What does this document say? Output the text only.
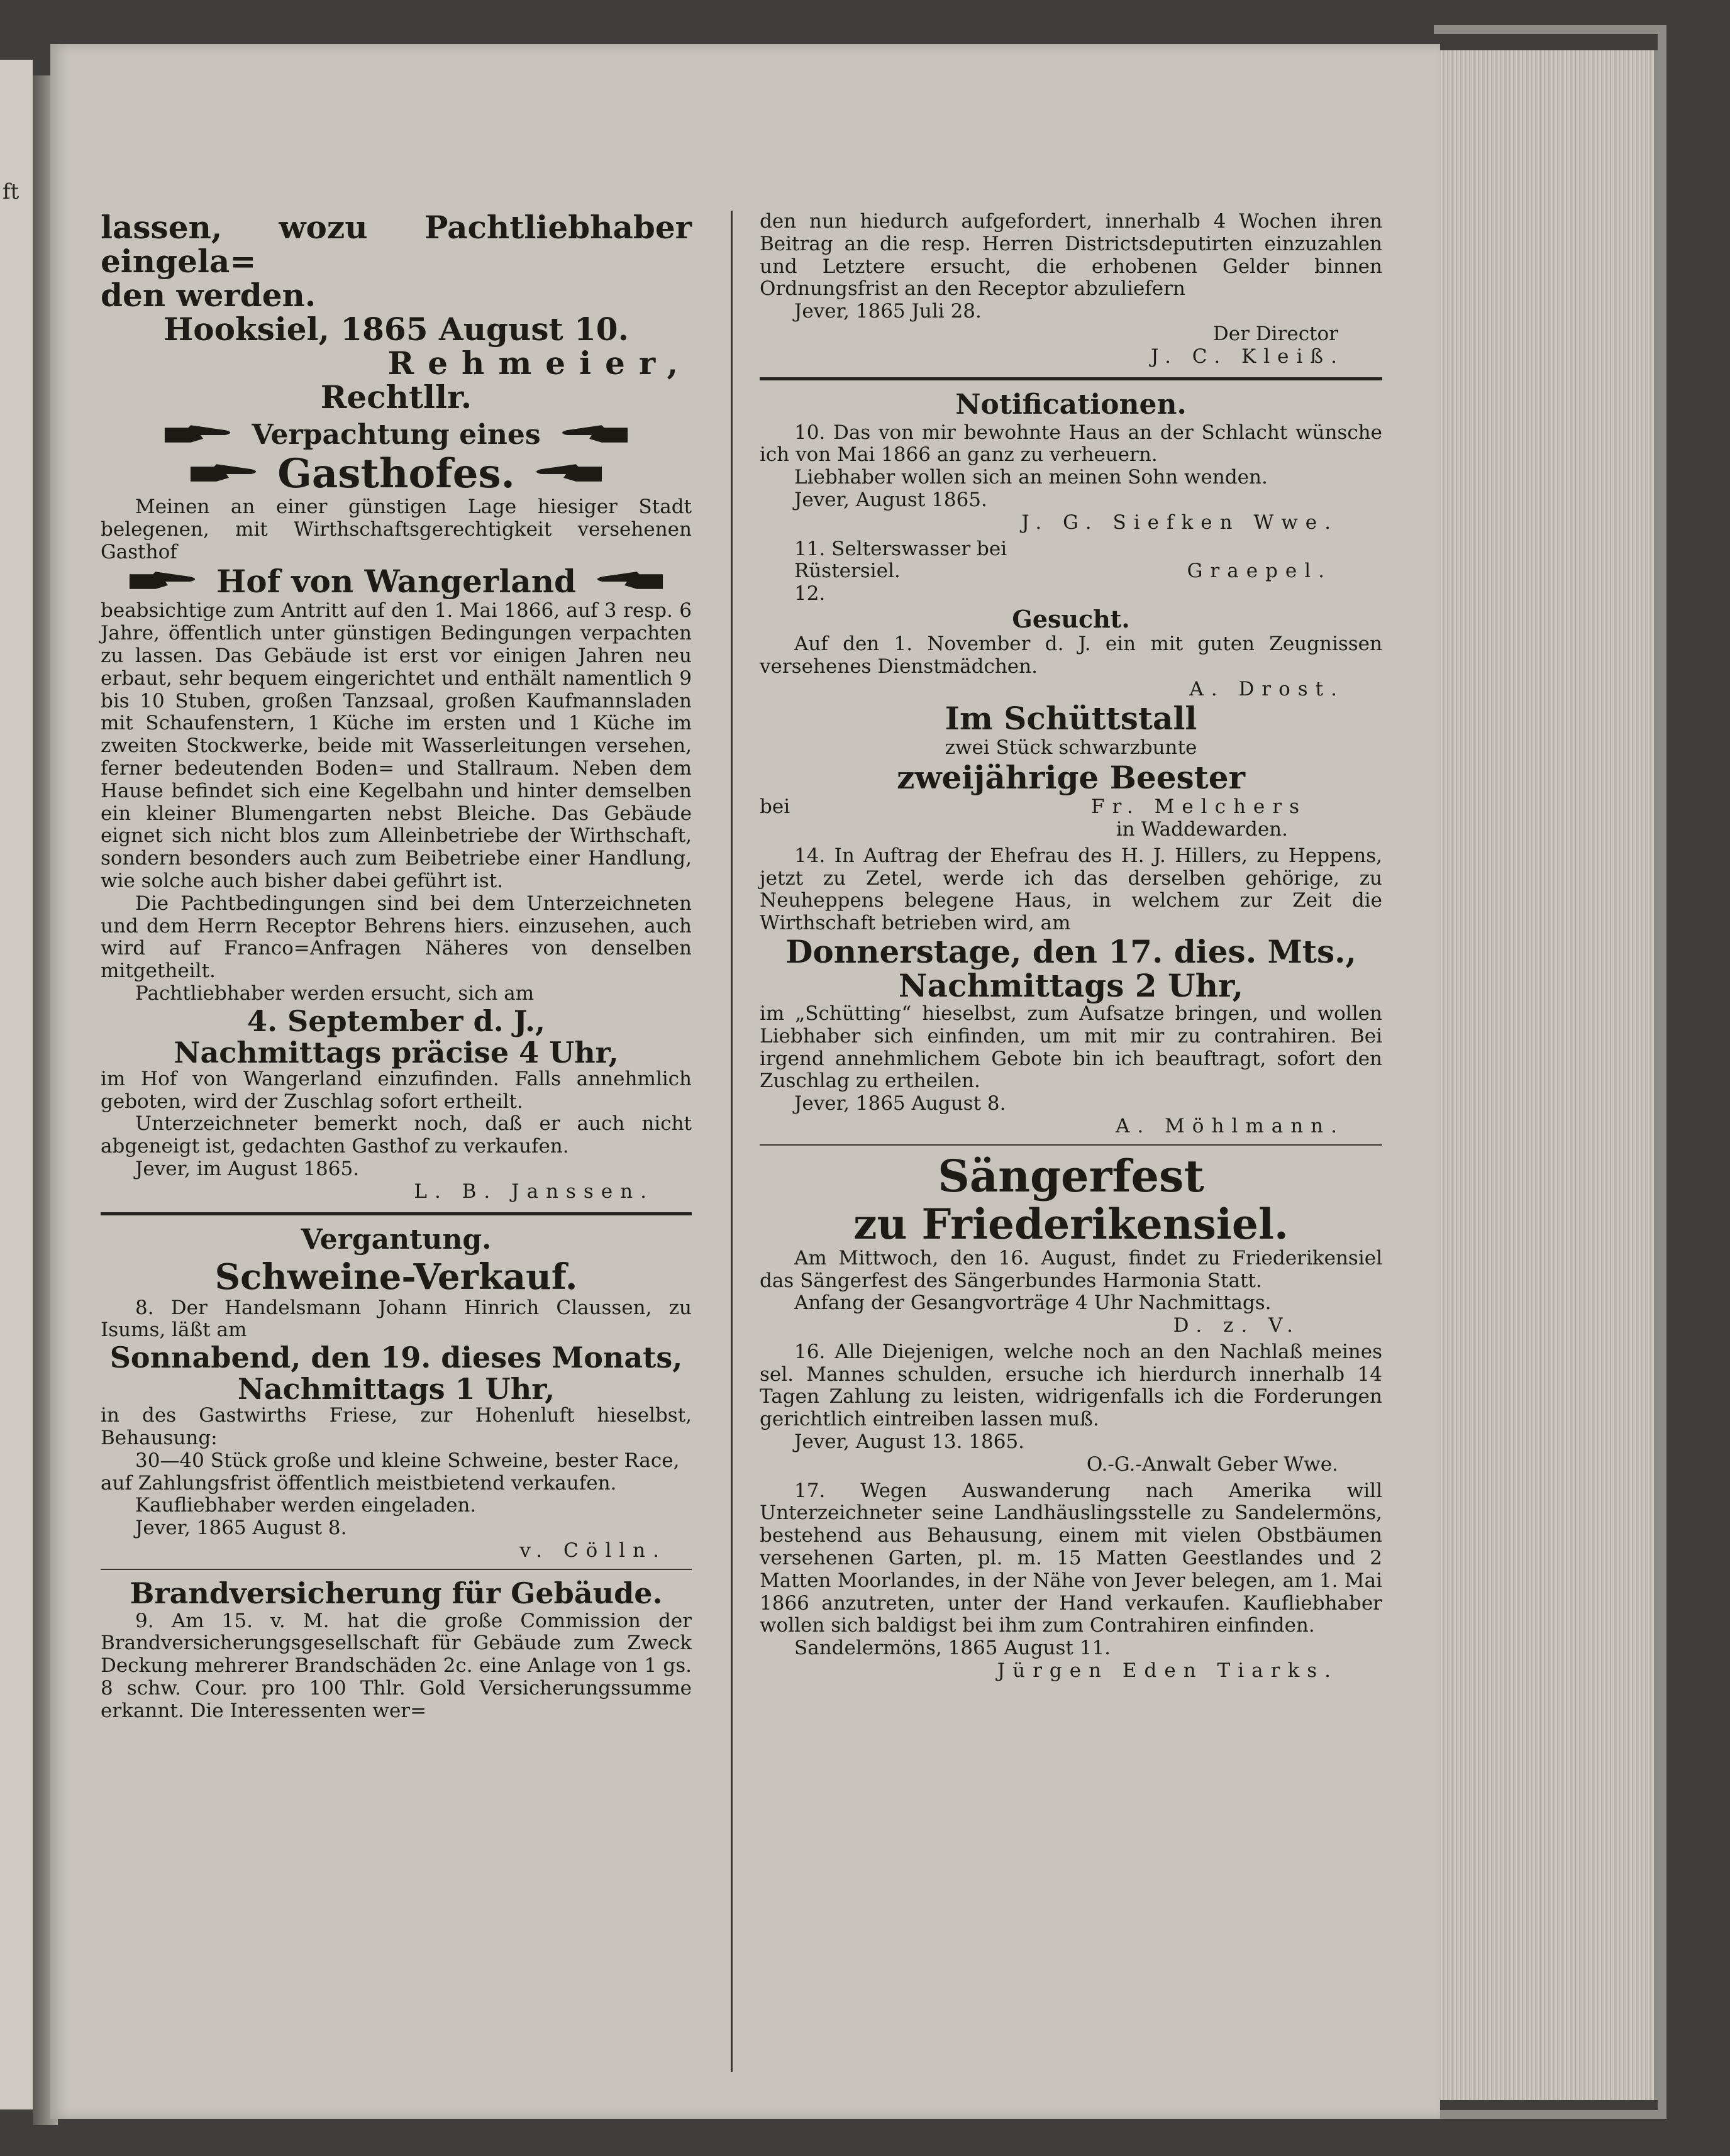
ft

lassen, wozu Pachtliebhaber eingela=

den werden.

Hooksiel, 1865 August 10.

Rehmeier,

Rechtllr.

Verpachtung eines
Gasthofes.

Meinen an einer günstigen Lage hiesiger Stadt belegenen, mit Wirthschaftsgerechtigkeit versehenen Gasthof

Hof von Wangerland

beabsichtige zum Antritt auf den 1. Mai 1866, auf 3 resp. 6 Jahre, öffentlich unter günstigen Bedingungen verpachten zu lassen. Das Gebäude ist erst vor einigen Jahren neu erbaut, sehr bequem eingerichtet und enthält namentlich 9 bis 10 Stuben, großen Tanzsaal, großen Kaufmannsladen mit Schaufenstern, 1 Küche im ersten und 1 Küche im zweiten Stockwerke, beide mit Wasserleitungen versehen, ferner bedeutenden Boden= und Stallraum. Neben dem Hause befindet sich eine Kegelbahn und hinter demselben ein kleiner Blumengarten nebst Bleiche. Das Gebäude eignet sich nicht blos zum Alleinbetriebe der Wirthschaft, sondern besonders auch zum Beibetriebe einer Handlung, wie solche auch bisher dabei geführt ist.

Die Pachtbedingungen sind bei dem Unterzeichneten und dem Herrn Receptor Behrens hiers. einzusehen, auch wird auf Franco=Anfragen Näheres von denselben mitgetheilt.

Pachtliebhaber werden ersucht, sich am

4. September d. J.,

Nachmittags präcise 4 Uhr,

im Hof von Wangerland einzufinden. Falls annehmlich geboten, wird der Zuschlag sofort ertheilt.

Unterzeichneter bemerkt noch, daß er auch nicht abgeneigt ist, gedachten Gasthof zu verkaufen.

Jever, im August 1865.

L. B. Janssen.

Vergantung.

Schweine-Verkauf.

8. Der Handelsmann Johann Hinrich Claussen, zu Isums, läßt am

Sonnabend, den 19. dieses Monats,

Nachmittags 1 Uhr,

in des Gastwirths Friese, zur Hohenluft hieselbst, Behausung:

30—40 Stück große und kleine Schweine, bester Race,

auf Zahlungsfrist öffentlich meistbietend verkaufen.

Kaufliebhaber werden eingeladen.

Jever, 1865 August 8.

v. Cölln.

Brandversicherung für Gebäude.

9. Am 15. v. M. hat die große Commission der Brandversicherungsgesellschaft für Gebäude zum Zweck Deckung mehrerer Brandschäden 2c. eine Anlage von 1 gs. 8 schw. Cour. pro 100 Thlr. Gold Versicherungssumme erkannt. Die Interessenten wer=

den nun hiedurch aufgefordert, innerhalb 4 Wochen ihren Beitrag an die resp. Herren Districtsdeputirten einzuzahlen und Letztere ersucht, die erhobenen Gelder binnen Ordnungsfrist an den Receptor abzuliefern

Jever, 1865 Juli 28.

Der Director

J. C. Kleiß.

Notificationen.

10. Das von mir bewohnte Haus an der Schlacht wünsche ich von Mai 1866 an ganz zu verheuern.

Liebhaber wollen sich an meinen Sohn wenden.

Jever, August 1865.

J. G. Siefken Wwe.

11. Selterswasser bei

Rüstersiel.	Graepel.

12.

Gesucht.

Auf den 1. November d. J. ein mit guten Zeugnissen versehenes Dienstmädchen.

A. Drost.

Im Schüttstall

zwei Stück schwarzbunte

zweijährige Beester

bei	Fr. Melchers

in Waddewarden.

14. In Auftrag der Ehefrau des H. J. Hillers, zu Heppens, jetzt zu Zetel, werde ich das derselben gehörige, zu Neuheppens belegene Haus, in welchem zur Zeit die Wirthschaft betrieben wird, am

Donnerstage, den 17. dies. Mts.,

Nachmittags 2 Uhr,

im „Schütting“ hieselbst, zum Aufsatze bringen, und wollen Liebhaber sich einfinden, um mit mir zu contrahiren. Bei irgend annehmlichem Gebote bin ich beauftragt, sofort den Zuschlag zu ertheilen.

Jever, 1865 August 8.

A. Möhlmann.

Sängerfest

zu Friederikensiel.

Am Mittwoch, den 16. August, findet zu Friederikensiel das Sängerfest des Sängerbundes Harmonia Statt.

Anfang der Gesangvorträge 4 Uhr Nachmittags.

D. z. V.

16. Alle Diejenigen, welche noch an den Nachlaß meines sel. Mannes schulden, ersuche ich hierdurch innerhalb 14 Tagen Zahlung zu leisten, widrigenfalls ich die Forderungen gerichtlich eintreiben lassen muß.

Jever, August 13. 1865.

O.-G.-Anwalt Geber Wwe.

17. Wegen Auswanderung nach Amerika will Unterzeichneter seine Landhäuslingsstelle zu Sandelermöns, bestehend aus Behausung, einem mit vielen Obstbäumen versehenen Garten, pl. m. 15 Matten Geestlandes und 2 Matten Moorlandes, in der Nähe von Jever belegen, am 1. Mai 1866 anzutreten, unter der Hand verkaufen. Kaufliebhaber wollen sich baldigst bei ihm zum Contrahiren einfinden.

Sandelermöns, 1865 August 11.

Jürgen Eden Tiarks.
